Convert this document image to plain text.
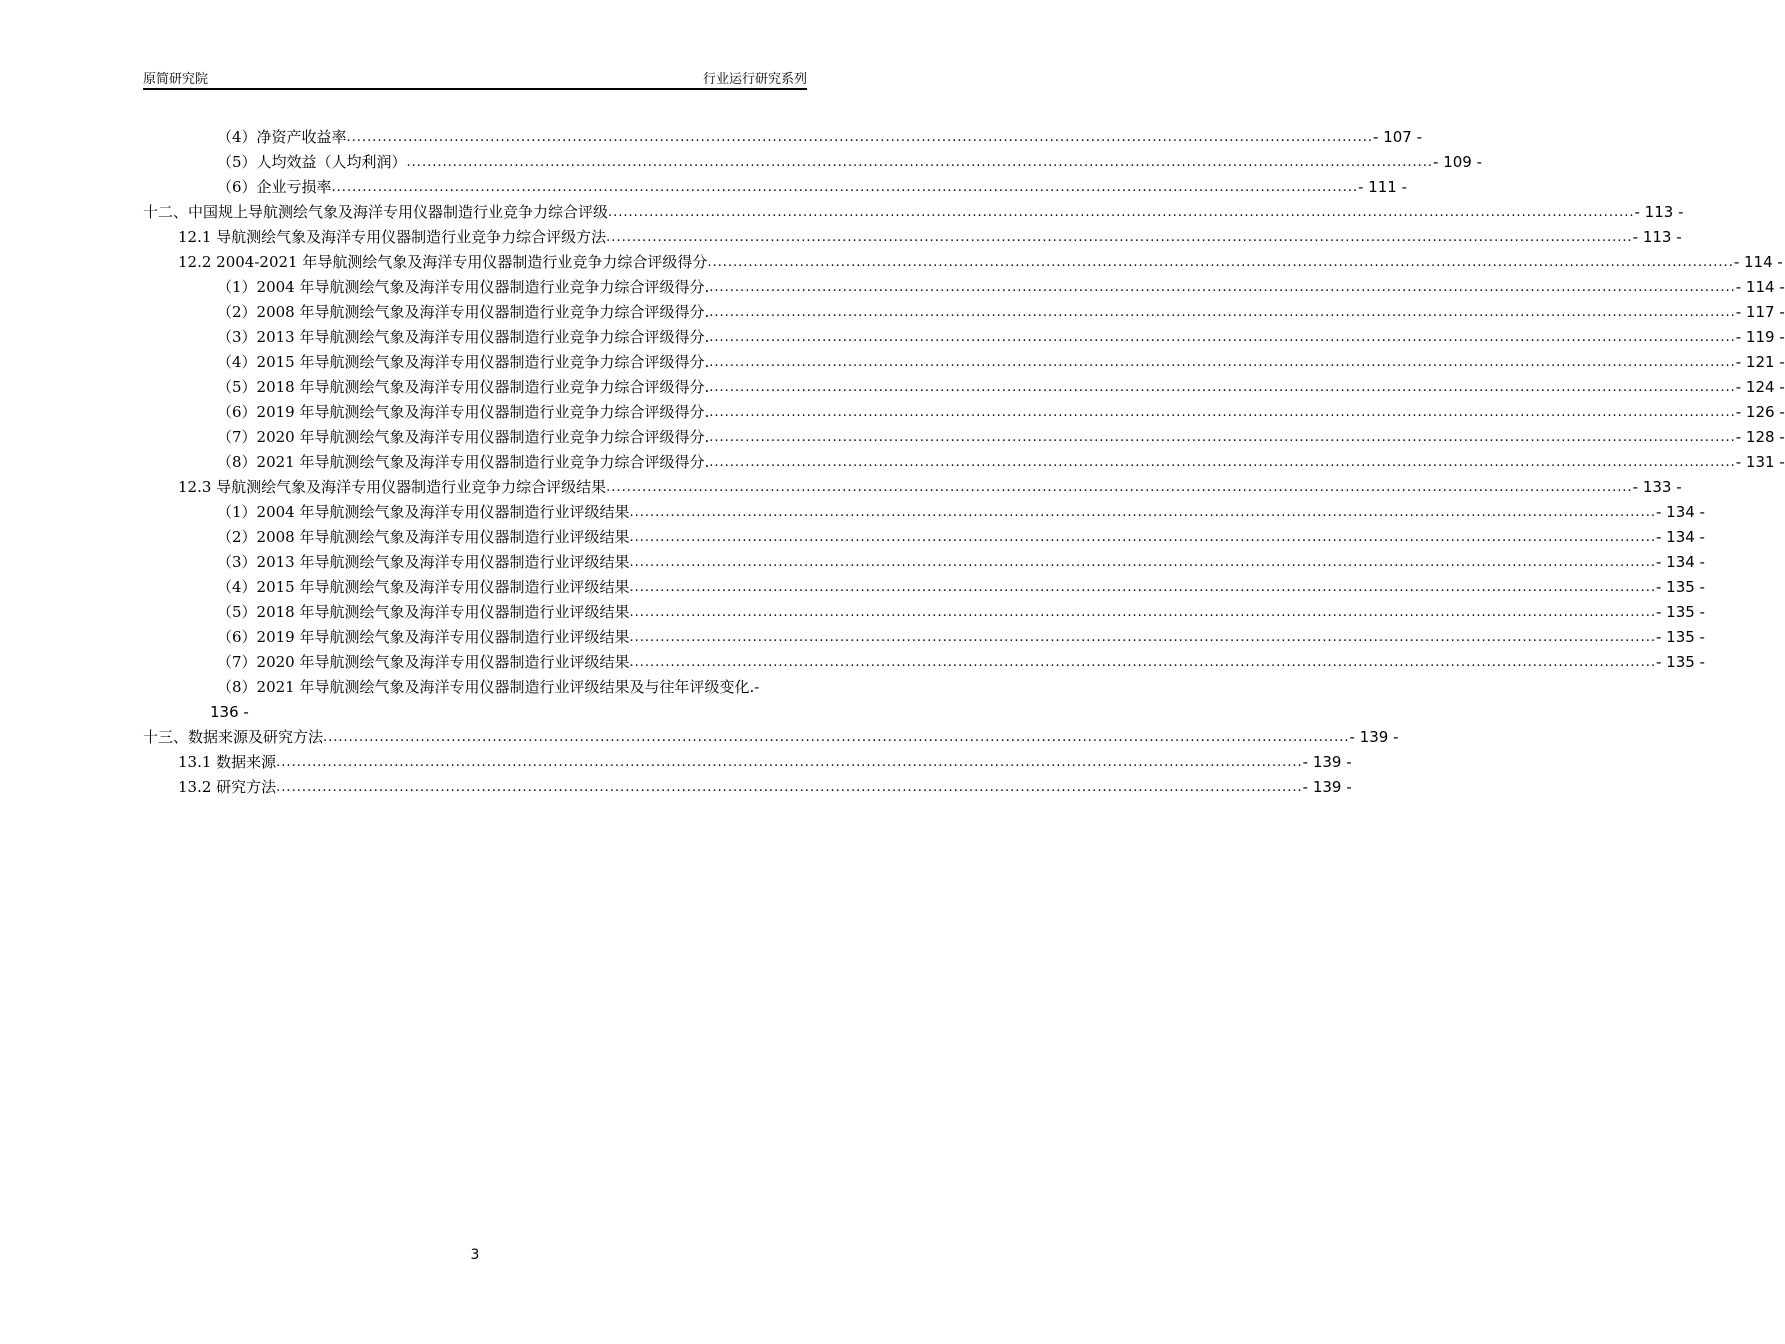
原简研究院	行业运行研究系列
（4）净资产收益率 ........................................................................................................................................................................................................ - 107 -
（5）人均效益（人均利润） ........................................................................................................................................................................................................ - 109 -
（6）企业亏损率 ........................................................................................................................................................................................................ - 111 -
十二、中国规上导航测绘气象及海洋专用仪器制造行业竞争力综合评级 ........................................................................................................................................................................................................ - 113 -
12.1 导航测绘气象及海洋专用仪器制造行业竞争力综合评级方法 ........................................................................................................................................................................................................ - 113 -
12.2 2004-2021 年导航测绘气象及海洋专用仪器制造行业竞争力综合评级得分 ........................................................................................................................................................................................................ - 114 -
（1）2004 年导航测绘气象及海洋专用仪器制造行业竞争力综合评级得分. ........................................................................................................................................................................................................ - 114 -
（2）2008 年导航测绘气象及海洋专用仪器制造行业竞争力综合评级得分. ........................................................................................................................................................................................................ - 117 -
（3）2013 年导航测绘气象及海洋专用仪器制造行业竞争力综合评级得分. ........................................................................................................................................................................................................ - 119 -
（4）2015 年导航测绘气象及海洋专用仪器制造行业竞争力综合评级得分. ........................................................................................................................................................................................................ - 121 -
（5）2018 年导航测绘气象及海洋专用仪器制造行业竞争力综合评级得分. ........................................................................................................................................................................................................ - 124 -
（6）2019 年导航测绘气象及海洋专用仪器制造行业竞争力综合评级得分. ........................................................................................................................................................................................................ - 126 -
（7）2020 年导航测绘气象及海洋专用仪器制造行业竞争力综合评级得分. ........................................................................................................................................................................................................ - 128 -
（8）2021 年导航测绘气象及海洋专用仪器制造行业竞争力综合评级得分. ........................................................................................................................................................................................................ - 131 -
12.3 导航测绘气象及海洋专用仪器制造行业竞争力综合评级结果 ........................................................................................................................................................................................................ - 133 -
（1）2004 年导航测绘气象及海洋专用仪器制造行业评级结果 ........................................................................................................................................................................................................ - 134 -
（2）2008 年导航测绘气象及海洋专用仪器制造行业评级结果 ........................................................................................................................................................................................................ - 134 -
（3）2013 年导航测绘气象及海洋专用仪器制造行业评级结果 ........................................................................................................................................................................................................ - 134 -
（4）2015 年导航测绘气象及海洋专用仪器制造行业评级结果 ........................................................................................................................................................................................................ - 135 -
（5）2018 年导航测绘气象及海洋专用仪器制造行业评级结果 ........................................................................................................................................................................................................ - 135 -
（6）2019 年导航测绘气象及海洋专用仪器制造行业评级结果 ........................................................................................................................................................................................................ - 135 -
（7）2020 年导航测绘气象及海洋专用仪器制造行业评级结果 ........................................................................................................................................................................................................ - 135 -
（8）2021 年导航测绘气象及海洋专用仪器制造行业评级结果及与往年评级变化.-
136 -
十三、数据来源及研究方法 ........................................................................................................................................................................................................ - 139 -
13.1 数据来源 ........................................................................................................................................................................................................ - 139 -
13.2 研究方法 ........................................................................................................................................................................................................ - 139 -
3
